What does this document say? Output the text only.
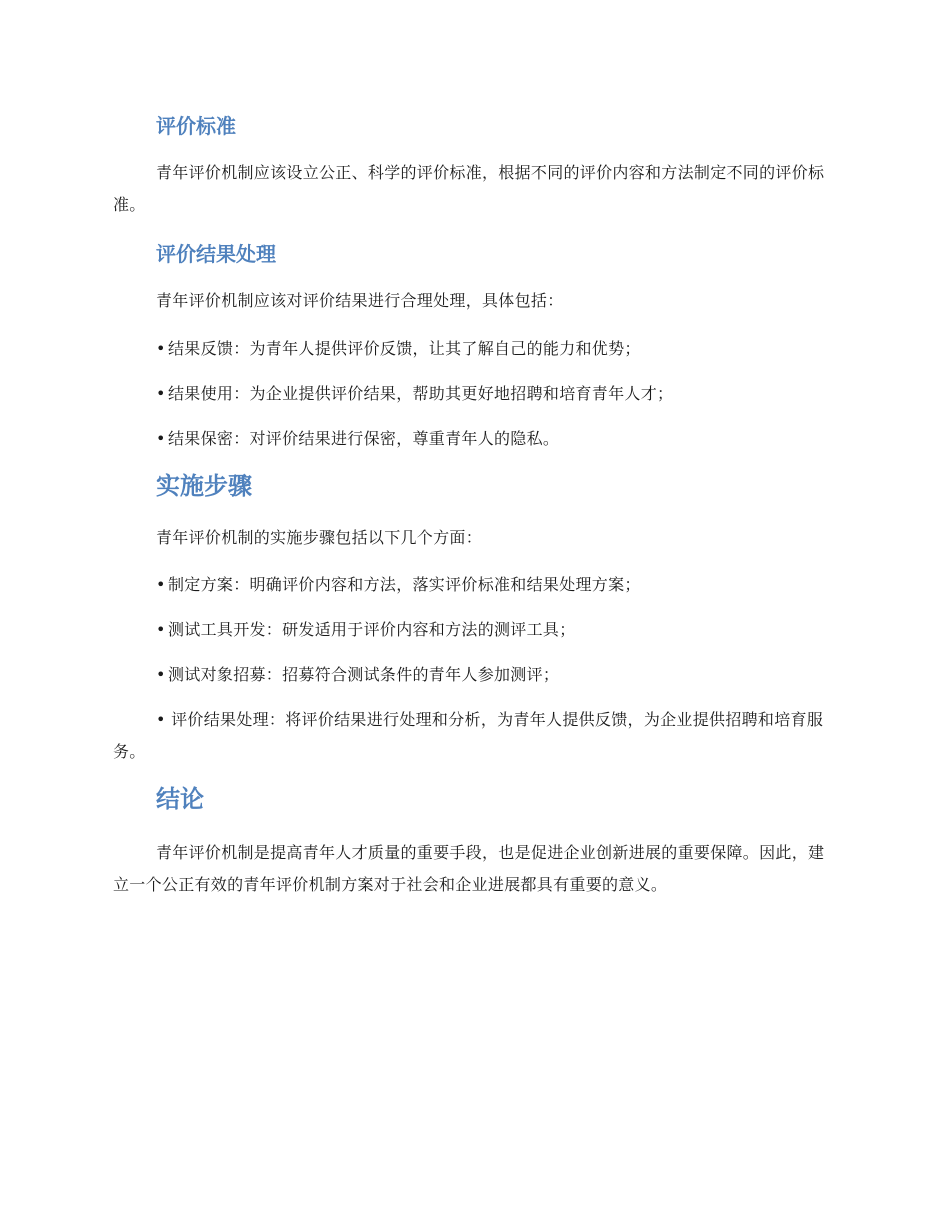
评价标准

青年评价机制应该设立公正、科学的评价标准，根据不同的评价内容和方法制定不同的评价标准。

评价结果处理

青年评价机制应该对评价结果进行合理处理，具体包括：

• 结果反馈：为青年人提供评价反馈，让其了解自己的能力和优势；
• 结果使用：为企业提供评价结果，帮助其更好地招聘和培育青年人才；
• 结果保密：对评价结果进行保密，尊重青年人的隐私。
实施步骤

青年评价机制的实施步骤包括以下几个方面：

• 制定方案：明确评价内容和方法，落实评价标准和结果处理方案；
• 测试工具开发：研发适用于评价内容和方法的测评工具；
• 测试对象招募：招募符合测试条件的青年人参加测评；

• 评价结果处理：将评价结果进行处理和分析，为青年人提供反馈，为企业提供招聘和培育服务。

结论

青年评价机制是提高青年人才质量的重要手段，也是促进企业创新进展的重要保障。因此，建立一个公正有效的青年评价机制方案对于社会和企业进展都具有重要的意义。
